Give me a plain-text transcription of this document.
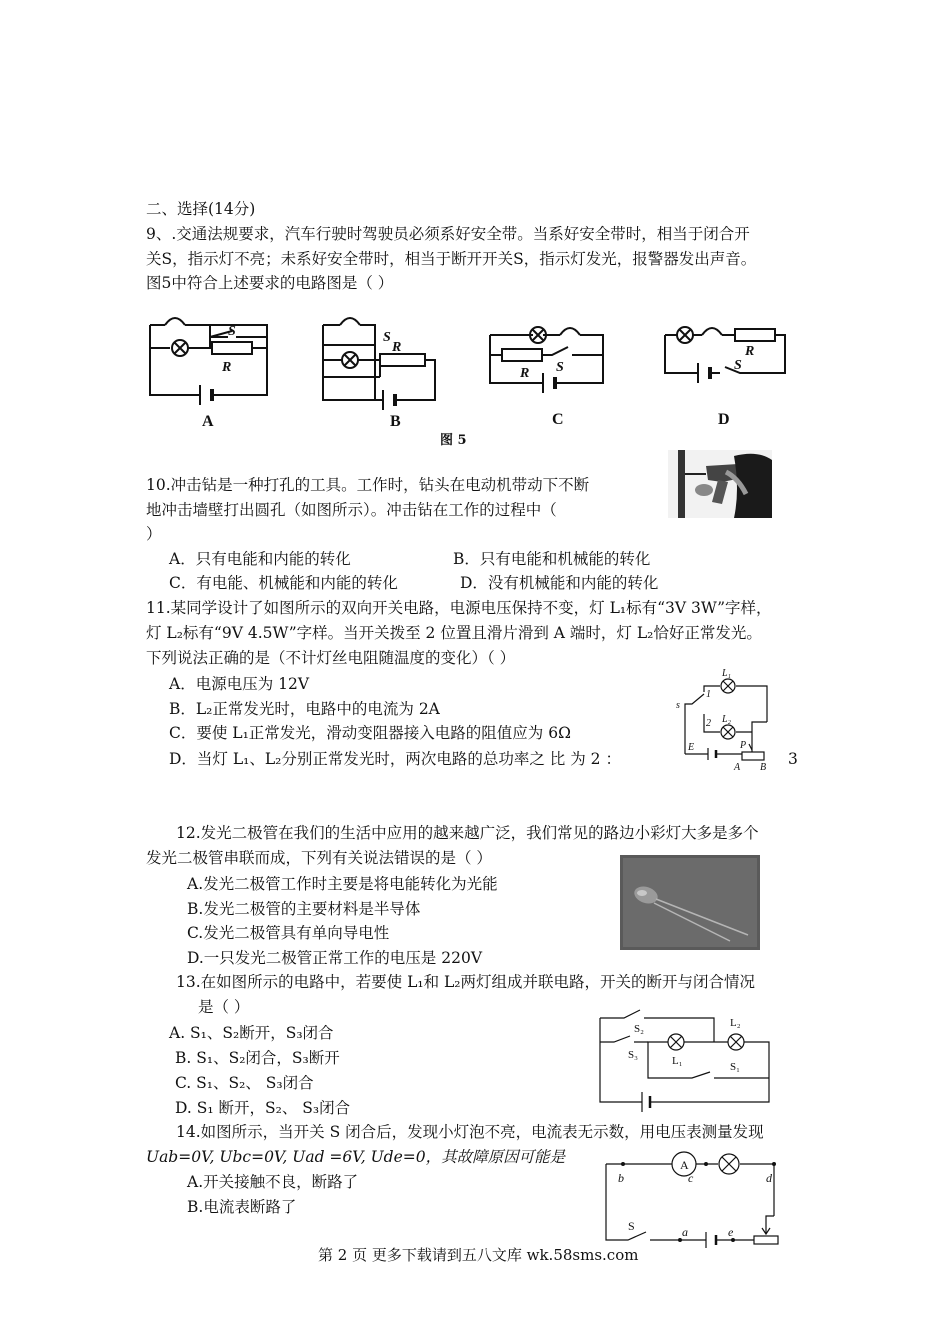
二、选择(14分)
9、.交通法规要求，汽车行驶时驾驶员必须系好安全带。当系好安全带时，相当于闭合开
关S，指示灯不亮；未系好安全带时，相当于断开开关S，指示灯发光，报警器发出声音。
图5中符合上述要求的电路图是（ ）
S
R
S
R
R S
R
S
A	B	C	D
图 5
10.冲击钻是一种打孔的工具。工作时，钻头在电动机带动下不断
地冲击墙壁打出圆孔（如图所示）。冲击钻在工作的过程中（
）
A．只有电能和内能的转化	B．只有电能和机械能的转化
C．有电能、机械能和内能的转化	D．没有机械能和内能的转化
11.某同学设计了如图所示的双向开关电路，电源电压保持不变，灯 L₁标有“3V 3W”字样，
灯 L₂标有“9V 4.5W”字样。当开关拨至 2 位置且滑片滑到 A 端时，灯 L₂恰好正常发光。
下列说法正确的是（不计灯丝电阻随温度的变化）（ ）
A．电源电压为 12V
B．L₂正常发光时，电路中的电流为 2A
C．要使 L₁正常发光，滑动变阻器接入电路的阻值应为 6Ω
D．当灯 L₁、L₂分别正常发光时，两次电路的总功率之 比 为 2 ：	3
s
1
2
L₁
L₂
E	P
A B
12.发光二极管在我们的生活中应用的越来越广泛，我们常见的路边小彩灯大多是多个
发光二极管串联而成，下列有关说法错误的是（ ）
A.发光二极管工作时主要是将电能转化为光能
B.发光二极管的主要材料是半导体
C.发光二极管具有单向导电性
D.一只发光二极管正常工作的电压是 220V
13.在如图所示的电路中，若要使 L₁和 L₂两灯组成并联电路，开关的断开与闭合情况
是（ ）
A. S₁、S₂断开，S₃闭合
B. S₁、S₂闭合，S₃断开
C. S₁、S₂、 S₃闭合
D. S₁ 断开，S₂、 S₃闭合
S₂
S₃	L₁
L₂
S₁
14.如图所示，当开关 S 闭合后，发现小灯泡不亮，电流表无示数，用电压表测量发现
Uab=0V, Ubc=0V, Uad =6V, Ude=0，其故障原因可能是
A.开关接触不良，断路了
B.电流表断路了
A
b	c	d
S	a	e
第 2 页 更多下载请到五八文库 wk.58sms.com
